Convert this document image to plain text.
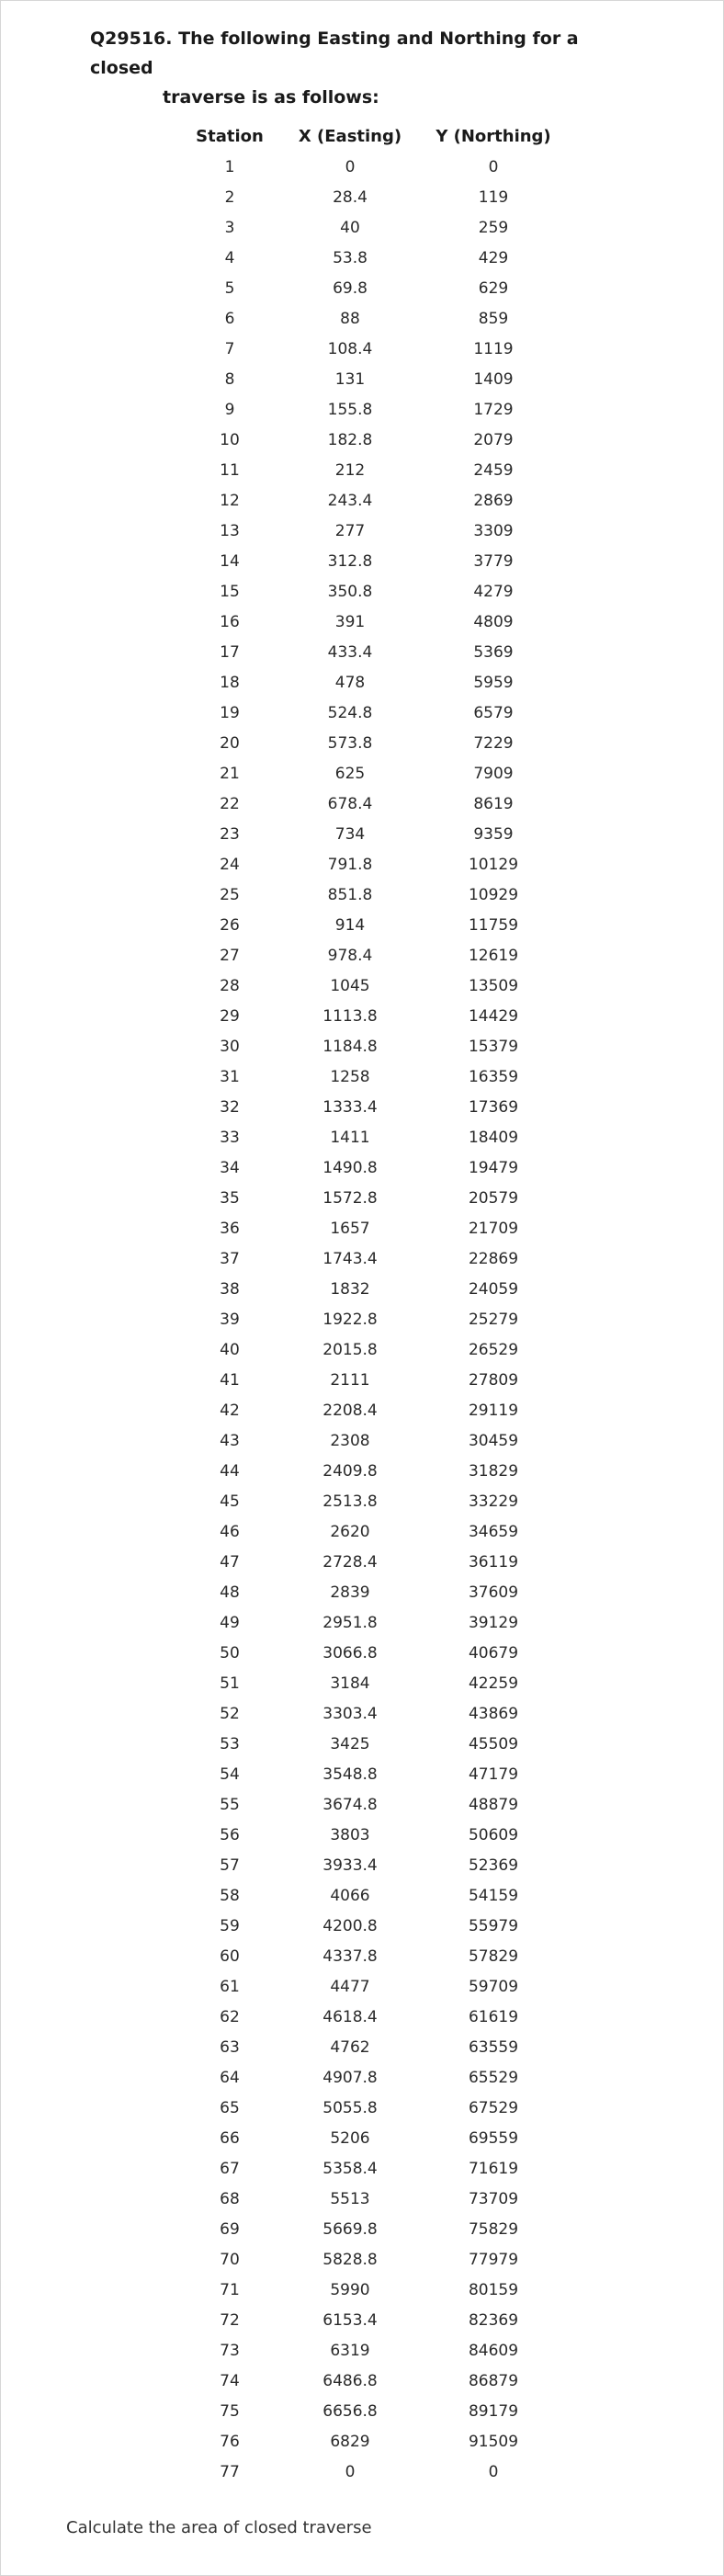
Q29516. The following Easting and Northing for a closed
traverse is as follows:
Station	X (Easting)	Y (Northing)
1	0	0
2	28.4	119
3	40	259
4	53.8	429
5	69.8	629
6	88	859
7	108.4	1119
8	131	1409
9	155.8	1729
10	182.8	2079
11	212	2459
12	243.4	2869
13	277	3309
14	312.8	3779
15	350.8	4279
16	391	4809
17	433.4	5369
18	478	5959
19	524.8	6579
20	573.8	7229
21	625	7909
22	678.4	8619
23	734	9359
24	791.8	10129
25	851.8	10929
26	914	11759
27	978.4	12619
28	1045	13509
29	1113.8	14429
30	1184.8	15379
31	1258	16359
32	1333.4	17369
33	1411	18409
34	1490.8	19479
35	1572.8	20579
36	1657	21709
37	1743.4	22869
38	1832	24059
39	1922.8	25279
40	2015.8	26529
41	2111	27809
42	2208.4	29119
43	2308	30459
44	2409.8	31829
45	2513.8	33229
46	2620	34659
47	2728.4	36119
48	2839	37609
49	2951.8	39129
50	3066.8	40679
51	3184	42259
52	3303.4	43869
53	3425	45509
54	3548.8	47179
55	3674.8	48879
56	3803	50609
57	3933.4	52369
58	4066	54159
59	4200.8	55979
60	4337.8	57829
61	4477	59709
62	4618.4	61619
63	4762	63559
64	4907.8	65529
65	5055.8	67529
66	5206	69559
67	5358.4	71619
68	5513	73709
69	5669.8	75829
70	5828.8	77979
71	5990	80159
72	6153.4	82369
73	6319	84609
74	6486.8	86879
75	6656.8	89179
76	6829	91509
77	0	0
Calculate the area of closed traverse
